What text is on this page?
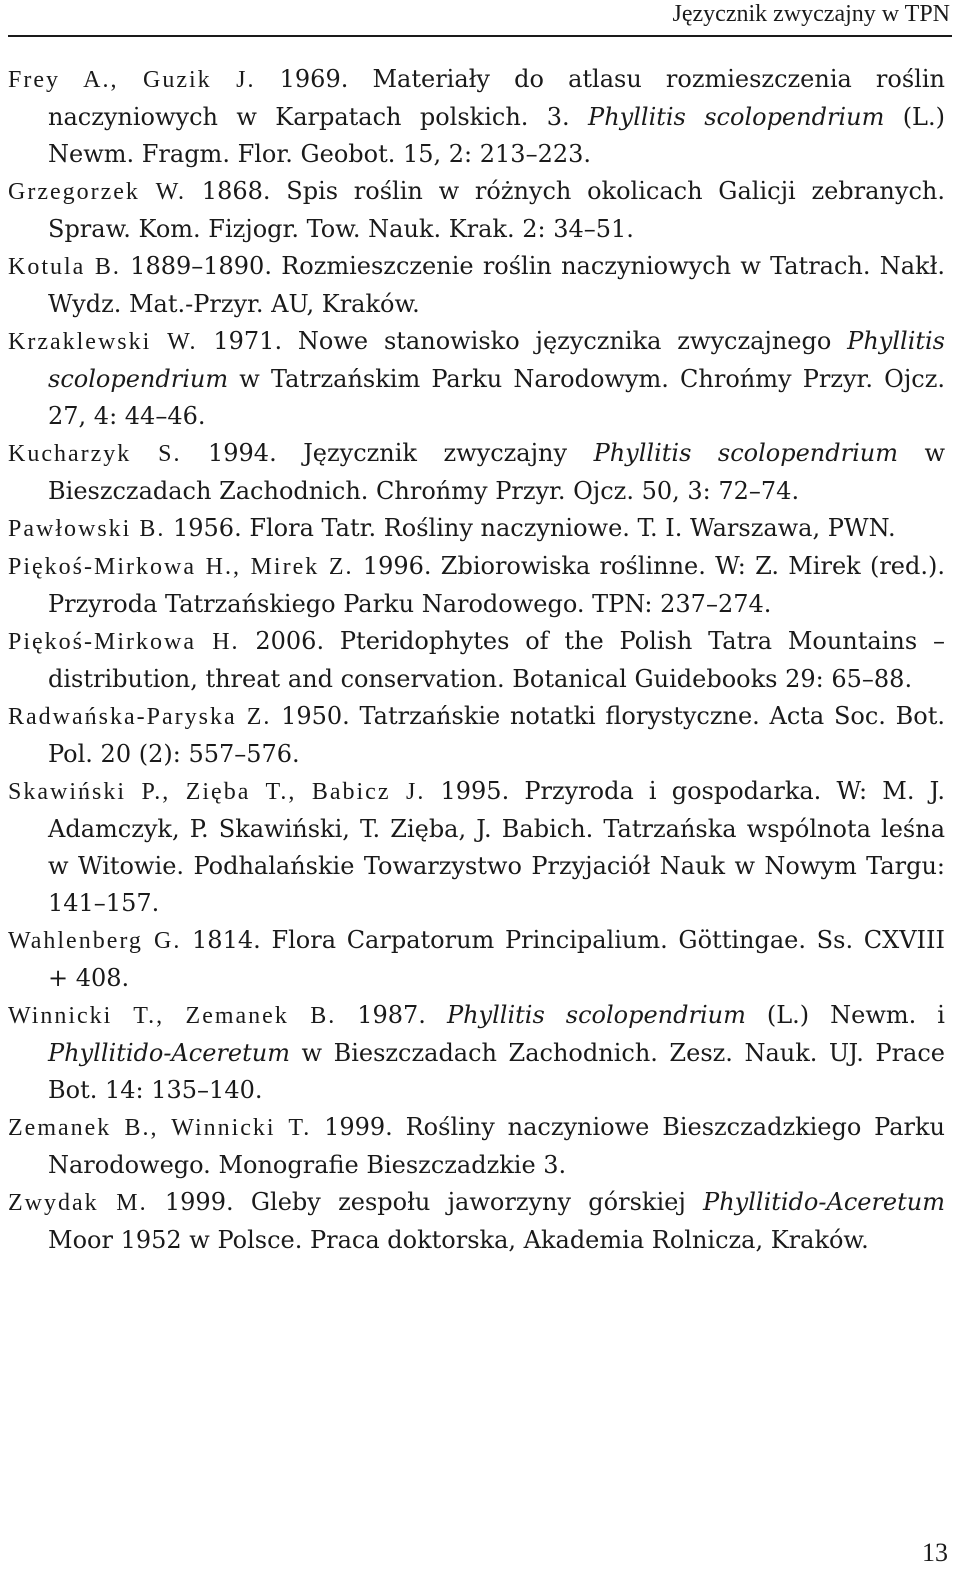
Języcznik zwyczajny w TPN

Frey A., Guzik J. 1969. Materiały do atlasu rozmieszczenia roślin naczyniowych w Karpatach polskich. 3. Phyllitis scolopendrium (L.) Newm. Fragm. Flor. Geobot. 15, 2: 213–223.

Grzegorzek W. 1868. Spis roślin w różnych okolicach Galicji zebranych. Spraw. Kom. Fizjogr. Tow. Nauk. Krak. 2: 34–51.

Kotula B. 1889–1890. Rozmieszczenie roślin naczyniowych w Tatrach. Nakł. Wydz. Mat.-Przyr. AU, Kraków.

Krzaklewski W. 1971. Nowe stanowisko języcznika zwyczajnego Phyllitis scolopendrium w Tatrzańskim Parku Narodowym. Chrońmy Przyr. Ojcz. 27, 4: 44–46.

Kucharzyk S. 1994. Języcznik zwyczajny Phyllitis scolopendrium w Bieszczadach Zachodnich. Chrońmy Przyr. Ojcz. 50, 3: 72–74.

Pawłowski B. 1956. Flora Tatr. Rośliny naczyniowe. T. I. Warszawa, PWN.

Piękoś-Mirkowa H., Mirek Z. 1996. Zbiorowiska roślinne. W: Z. Mirek (red.). Przyroda Tatrzańskiego Parku Narodowego. TPN: 237–274.

Piękoś-Mirkowa H. 2006. Pteridophytes of the Polish Tatra Mountains – distribution, threat and conservation. Botanical Guidebooks 29: 65–88.

Radwańska-Paryska Z. 1950. Tatrzańskie notatki florystyczne. Acta Soc. Bot. Pol. 20 (2): 557–576.

Skawiński P., Zięba T., Babicz J. 1995. Przyroda i gospodarka. W: M. J. Adamczyk, P. Skawiński, T. Zięba, J. Babich. Tatrzańska wspólnota leśna w Witowie. Podhalańskie Towarzystwo Przyjaciół Nauk w Nowym Targu: 141–157.

Wahlenberg G. 1814. Flora Carpatorum Principalium. Göttingae. Ss. CXVIII + 408.

Winnicki T., Zemanek B. 1987. Phyllitis scolopendrium (L.) Newm. i Phyllitido-Aceretum w Bieszczadach Zachodnich. Zesz. Nauk. UJ. Prace Bot. 14: 135–140.

Zemanek B., Winnicki T. 1999. Rośliny naczyniowe Bieszczadzkiego Parku Narodowego. Monografie Bieszczadzkie 3.

Zwydak M. 1999. Gleby zespołu jaworzyny górskiej Phyllitido-Aceretum Moor 1952 w Polsce. Praca doktorska, Akademia Rolnicza, Kraków.

13
